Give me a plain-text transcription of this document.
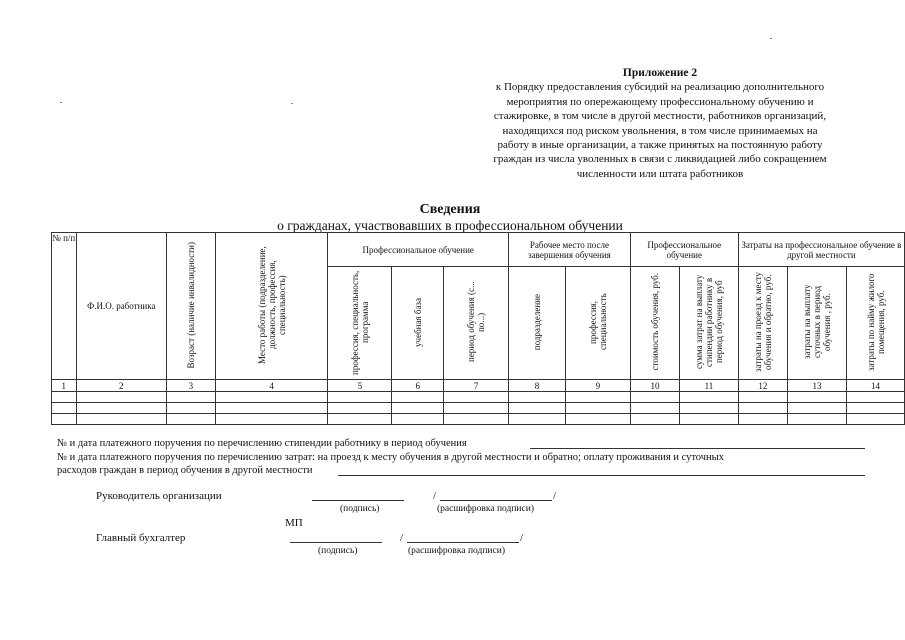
Приложение 2
к Порядку предоставления субсидий на реализацию дополнительного
мероприятия по опережающему профессиональному обучению и
стажировке, в том числе в другой местности, работников организаций,
находящихся под риском увольнения, в том числе принимаемых на
работу в иные организации, а также принятых на постоянную работу
граждан из числа уволенных в связи с ликвидацией либо сокращением
численности или штата работников
Сведения
о гражданах, участвовавших в профессиональном обучении
№ п/п	Ф.И.О. работника	Возраст (наличие инвалидности)	Место работы (подразделение, должность, профессия, специальность)	Профессиональное обучение			Рабочее место после завершения обучения		Профессиональное обучение		Затраты на профессиональное обучение в другой местности		
				профессия, специальность, программа	учебная база	период обучения (с... по...)	подразделение	профессия, специальность	стоимость обучения, руб.	сумма затрат на выплату стипендии работнику в период обучения, руб	затраты на проезд к месту обучения и обратно, руб.	затраты на выплату суточных в период обучения , руб.	затраты по найму жилого помещения, руб.
1	2	3	4	5	6	7	8	9	10	11	12	13	14

№ и дата платежного поручения по перечислению стипендии работнику в период обучения
№ и дата платежного поручения по перечислению затрат: на проезд к месту обучения в другой местности и обратно; оплату проживания и суточных
расходов граждан в период обучения в другой местности
Руководитель организации	/	/
(подпись)	(расшифровка подписи)
МП
Главный бухгалтер	/	/
(подпись)	(расшифровка подписи)
